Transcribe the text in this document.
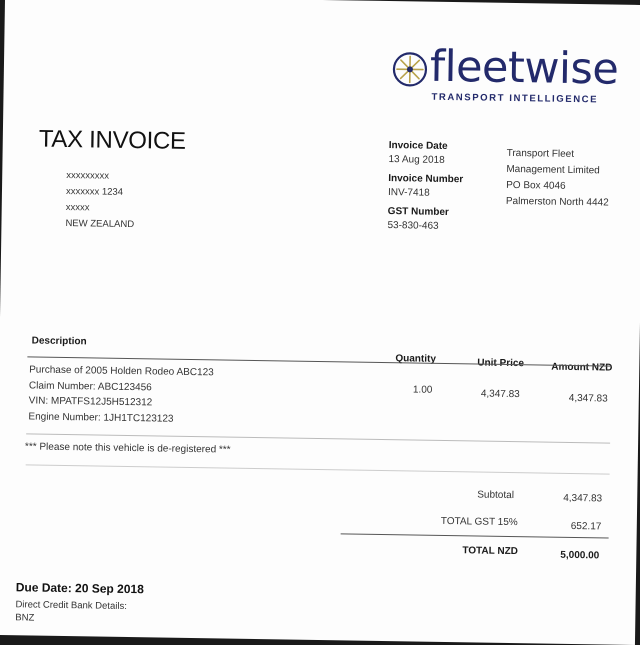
fleetwise
TRANSPORT INTELLIGENCE
TAX INVOICE
xxxxxxxxx
xxxxxxx 1234
xxxxx
NEW ZEALAND
Invoice Date
13 Aug 2018
Invoice Number
INV-7418
GST Number
53-830-463
Transport Fleet
Management Limited
PO Box 4046
Palmerston North 4442
Description
Quantity	Unit Price	Amount NZD
Purchase of 2005 Holden Rodeo ABC123
Claim Number: ABC123456
VIN: MPATFS12J5H512312
Engine Number: 1JH1TC123123
1.00	4,347.83	4,347.83
*** Please note this vehicle is de-registered ***
Subtotal	4,347.83
TOTAL GST 15%	652.17
TOTAL NZD	5,000.00
Due Date: 20 Sep 2018
Direct Credit Bank Details:
BNZ
